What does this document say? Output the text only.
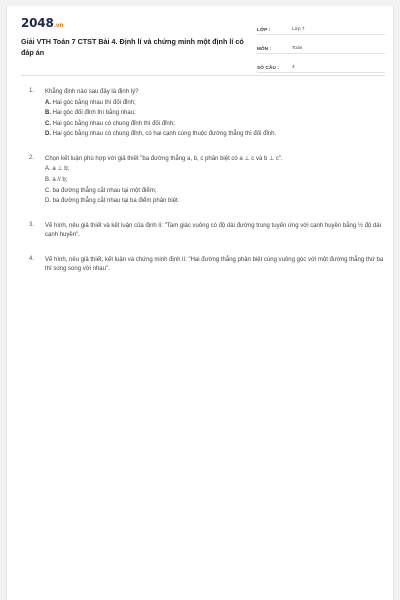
2048.vn
Giải VTH Toán 7 CTST Bài 4. Định lí và chứng minh một định lí có đáp án
LỚP :	Lớp 7
MÔN :	Toán
SỐ CÂU :	4
1. Khẳng định nào sau đây là định lý?
A. Hai góc bằng nhau thì đối đỉnh;
B. Hai góc đối đỉnh thì bằng nhau;
C. Hai góc bằng nhau có chung đỉnh thì đối đỉnh;
D. Hai góc bằng nhau có chung đỉnh, có hai cạnh cùng thuộc đường thẳng thì đối đỉnh.
2. Chọn kết luận phù hợp với giả thiết "ba đường thẳng a, b, c phân biệt có a ⊥ c và b ⊥ c".
A. a ⊥ b;
B. a // b;
C. ba đường thẳng cắt nhau tại một điểm;
D. ba đường thẳng cắt nhau tại ba điểm phân biệt.
3. Vẽ hình, nêu giả thiết và kết luận của định lí: "Tam giác vuông có độ dài đường trung tuyến ứng với cạnh huyền bằng ½ độ dài cạnh huyền".
4. Vẽ hình, nêu giả thiết, kết luận và chứng minh định lí: "Hai đường thẳng phân biệt cùng vuông góc với một đường thẳng thứ ba thì song song với nhau".
